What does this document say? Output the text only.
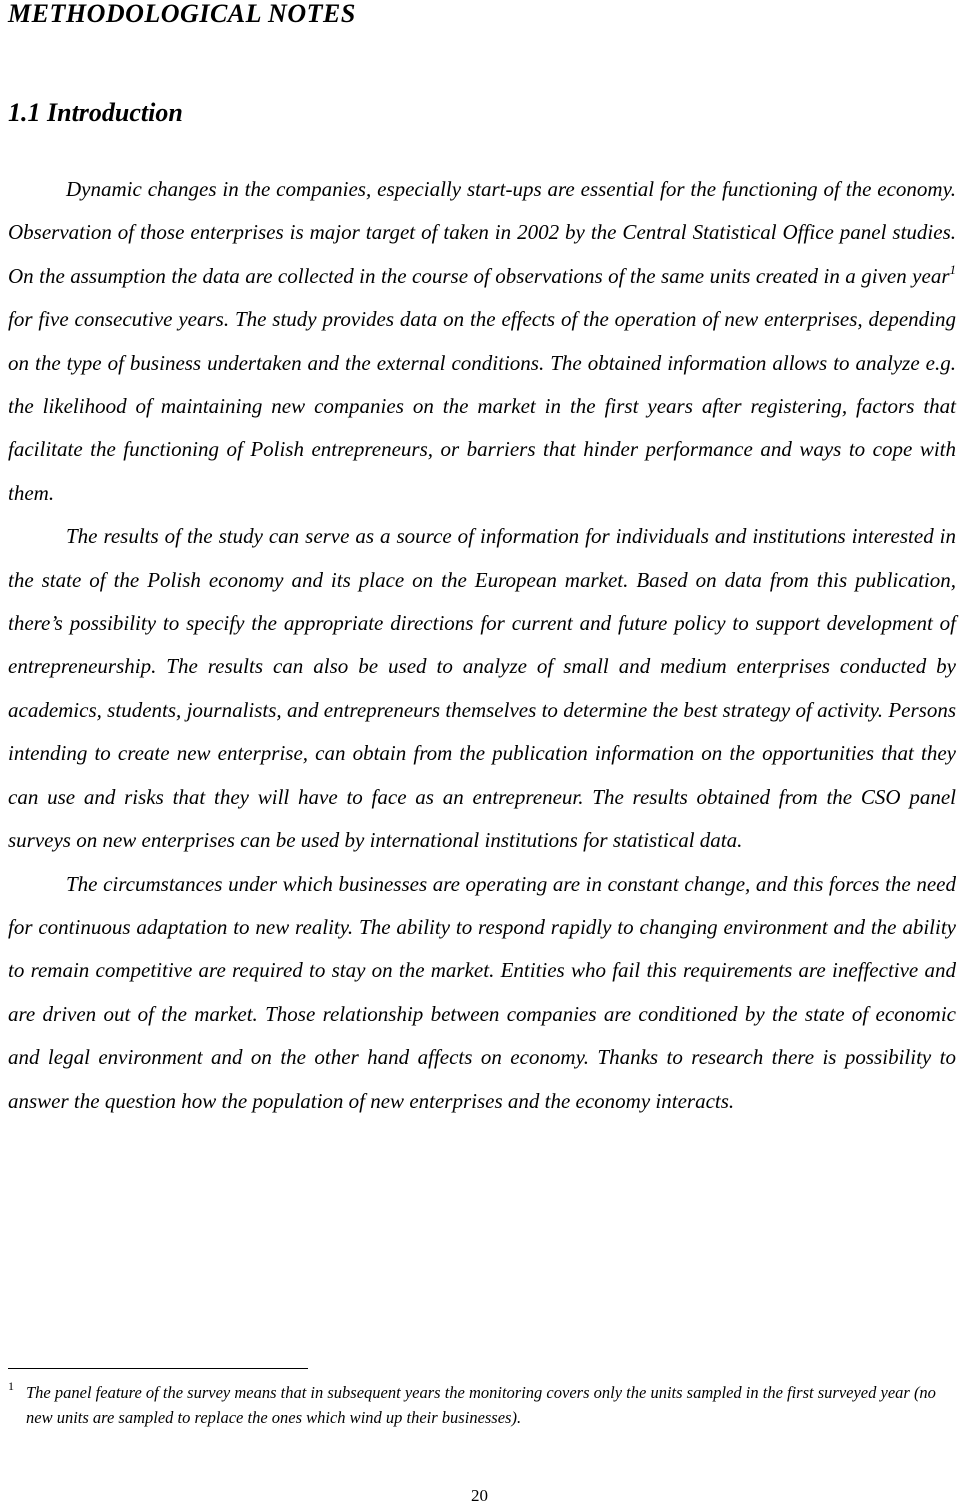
METHODOLOGICAL NOTES
1.1 Introduction

Dynamic changes in the companies, especially start-ups are essential for the functioning of the economy. Observation of those enterprises is major target of taken in 2002 by the Central Statistical Office panel studies. On the assumption the data are collected in the course of observations of the same units created in a given year$^1$ for five consecutive years. The study provides data on the effects of the operation of new enterprises, depending on the type of business undertaken and the external conditions. The obtained information allows to analyze e.g. the likelihood of maintaining new companies on the market in the first years after registering, factors that facilitate the functioning of Polish entrepreneurs, or barriers that hinder performance and ways to cope with them.

The results of the study can serve as a source of information for individuals and institutions interested in the state of the Polish economy and its place on the European market. Based on data from this publication, there’s possibility to specify the appropriate directions for current and future policy to support development of entrepreneurship. The results can also be used to analyze of small and medium enterprises conducted by academics, students, journalists, and entrepreneurs themselves to determine the best strategy of activity. Persons intending to create new enterprise, can obtain from the publication information on the opportunities that they can use and risks that they will have to face as an entrepreneur. The results obtained from the CSO panel surveys on new enterprises can be used by international institutions for statistical data.

The circumstances under which businesses are operating are in constant change, and this forces the need for continuous adaptation to new reality. The ability to respond rapidly to changing environment and the ability to remain competitive are required to stay on the market. Entities who fail this requirements are ineffective and are driven out of the market. Those relationship between companies are conditioned by the state of economic and legal environment and on the other hand affects on economy. Thanks to research there is possibility to answer the question how the population of new enterprises and the economy interacts.

1 The panel feature of the survey means that in subsequent years the monitoring covers only the units sampled in the first surveyed year (no new units are sampled to replace the ones which wind up their businesses).
20
